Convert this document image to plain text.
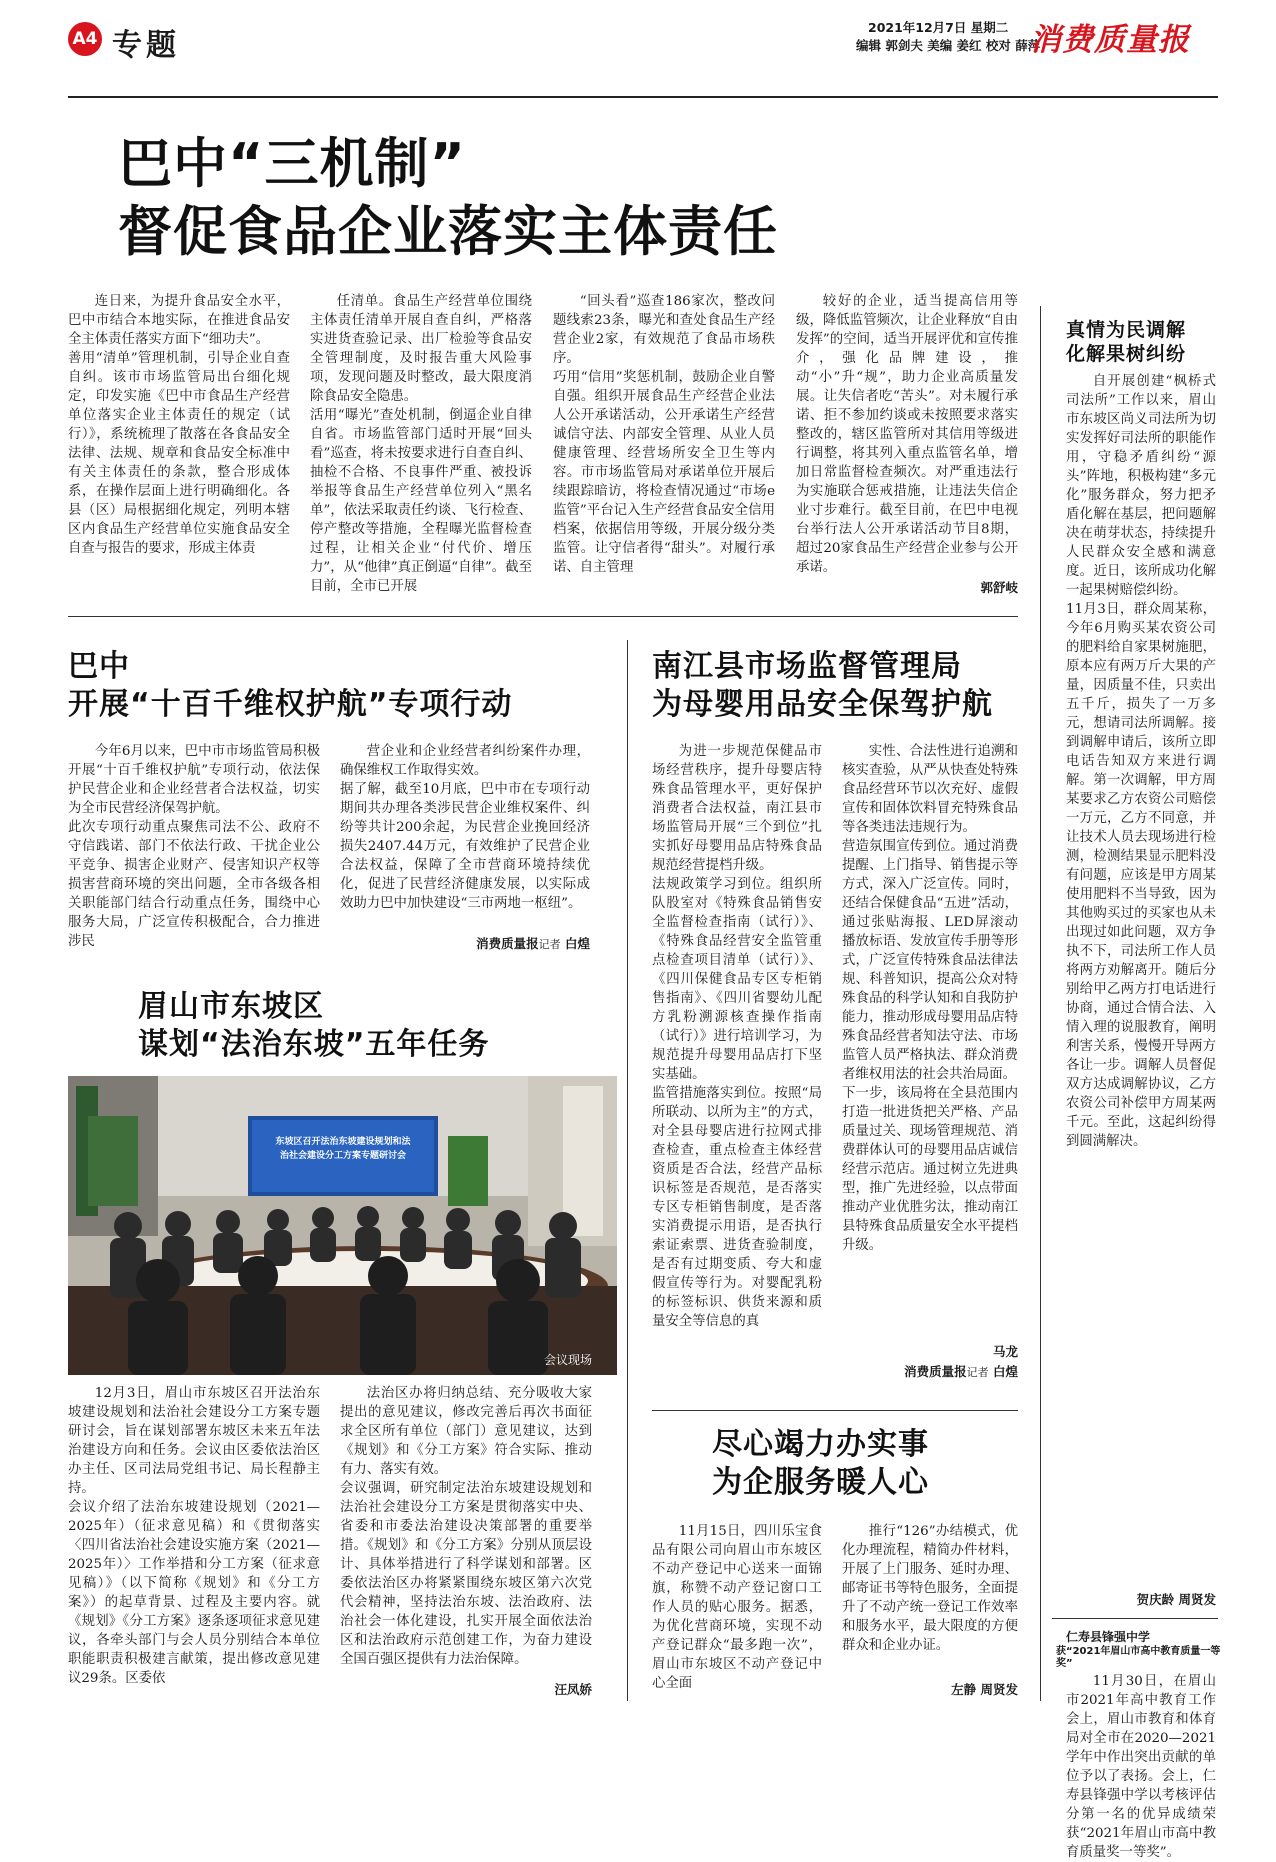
A4 专题
2021年12月7日 星期二
编辑 郭剑夫 美编 姜红 校对 薛萍
消费质量报
巴中“三机制”
督促食品企业落实主体责任
连日来，为提升食品安全水平，巴中市结合本地实际，在推进食品安全主体责任落实方面下“细功夫”。
善用“清单”管理机制，引导企业自查自纠。该市市场监管局出台细化规定，印发实施《巴中市食品生产经营单位落实企业主体责任的规定（试行）》，系统梳理了散落在各食品安全法律、法规、规章和食品安全标准中有关主体责任的条款，整合形成体系，在操作层面上进行明确细化。各县（区）局根据细化规定，列明本辖区内食品生产经营单位实施食品安全自查与报告的要求，形成主体责
任清单。食品生产经营单位围绕主体责任清单开展自查自纠，严格落实进货查验记录、出厂检验等食品安全管理制度，及时报告重大风险事项，发现问题及时整改，最大限度消除食品安全隐患。
活用“曝光”查处机制，倒逼企业自律自省。市场监管部门适时开展“回头看”巡查，将未按要求进行自查自纠、抽检不合格、不良事件严重、被投诉举报等食品生产经营单位列入“黑名单”，依法采取责任约谈、飞行检查、停产整改等措施，全程曝光监督检查过程，让相关企业“付代价、增压力”，从“他律”真正倒逼“自律”。截至目前，全市已开展
“回头看”巡查186家次，整改问题线索23条，曝光和查处食品生产经营企业2家，有效规范了食品市场秩序。
巧用“信用”奖惩机制，鼓励企业自警自强。组织开展食品生产经营企业法人公开承诺活动，公开承诺生产经营诚信守法、内部安全管理、从业人员健康管理、经营场所安全卫生等内容。市市场监管局对承诺单位开展后续跟踪暗访，将检查情况通过“市场e监管”平台记入生产经营食品安全信用档案，依据信用等级，开展分级分类监管。让守信者得“甜头”。对履行承诺、自主管理
较好的企业，适当提高信用等级，降低监管频次，让企业释放“自由发挥”的空间，适当开展评优和宣传推介，强化品牌建设，推动“小”升“规”，助力企业高质量发展。让失信者吃“苦头”。对未履行承诺、拒不参加约谈或未按照要求落实整改的，辖区监管所对其信用等级进行调整，将其列入重点监管名单，增加日常监督检查频次。对严重违法行为实施联合惩戒措施，让违法失信企业寸步难行。截至目前，在巴中电视台举行法人公开承诺活动节目8期，超过20家食品生产经营企业参与公开承诺。
郭舒岐
真情为民调解
化解果树纠纷
自开展创建“枫桥式司法所”工作以来，眉山市东坡区尚义司法所为切实发挥好司法所的职能作用，守稳矛盾纠纷“源头”阵地，积极构建“多元化”服务群众，努力把矛盾化解在基层，把问题解决在萌芽状态，持续提升人民群众安全感和满意度。近日，该所成功化解一起果树赔偿纠纷。
11月3日，群众周某称，今年6月购买某农资公司的肥料给自家果树施肥，原本应有两万斤大果的产量，因质量不佳，只卖出五千斤，损失了一万多元，想请司法所调解。接到调解申请后，该所立即电话告知双方来进行调解。第一次调解，甲方周某要求乙方农资公司赔偿一万元，乙方不同意，并让技术人员去现场进行检测，检测结果显示肥料没有问题，应该是甲方周某使用肥料不当导致，因为其他购买过的买家也从未出现过如此问题，双方争执不下，司法所工作人员将两方劝解离开。随后分别给甲乙两方打电话进行协商，通过合情合法、入情入理的说服教育，阐明利害关系，慢慢开导两方各让一步。调解人员督促双方达成调解协议，乙方农资公司补偿甲方周某两千元。至此，这起纠纷得到圆满解决。
贺庆龄 周贤发
仁寿县锋强中学
获“2021年眉山市高中教育质量一等奖”
11月30日，在眉山市2021年高中教育工作会上，眉山市教育和体育局对全市在2020—2021学年中作出突出贡献的单位予以了表扬。会上，仁寿县锋强中学以考核评估分第一名的优异成绩荣获“2021年眉山市高中教育质量奖一等奖”。
巴中
开展“十百千维权护航”专项行动
今年6月以来，巴中市市场监管局积极开展“十百千维权护航”专项行动，依法保护民营企业和企业经营者合法权益，切实为全市民营经济保驾护航。
此次专项行动重点聚焦司法不公、政府不守信践诺、部门不依法行政、干扰企业公平竞争、损害企业财产、侵害知识产权等损害营商环境的突出问题，全市各级各相关职能部门结合行动重点任务，围绕中心服务大局，广泛宣传积极配合，合力推进涉民
营企业和企业经营者纠纷案件办理，确保维权工作取得实效。
据了解，截至10月底，巴中市在专项行动期间共办理各类涉民营企业维权案件、纠纷等共计200余起，为民营企业挽回经济损失2407.44万元，有效维护了民营企业合法权益，保障了全市营商环境持续优化，促进了民营经济健康发展，以实际成效助力巴中加快建设“三市两地一枢纽”。
消费质量报记者 白煌
南江县市场监督管理局
为母婴用品安全保驾护航
为进一步规范保健品市场经营秩序，提升母婴店特殊食品管理水平，更好保护消费者合法权益，南江县市场监管局开展“三个到位”扎实抓好母婴用品店特殊食品规范经营提档升级。
法规政策学习到位。组织所队股室对《特殊食品销售安全监督检查指南（试行）》、《特殊食品经营安全监管重点检查项目清单（试行）》、《四川保健食品专区专柜销售指南》、《四川省婴幼儿配方乳粉溯源核查操作指南（试行）》进行培训学习，为规范提升母婴用品店打下坚实基础。
监管措施落实到位。按照“局所联动、以所为主”的方式，对全县母婴店进行拉网式排查检查，重点检查主体经营资质是否合法，经营产品标识标签是否规范，是否落实专区专柜销售制度，是否落实消费提示用语，是否执行索证索票、进货查验制度，是否有过期变质、夸大和虚假宣传等行为。对婴配乳粉的标签标识、供货来源和质量安全等信息的真
实性、合法性进行追溯和核实查验，从严从快查处特殊食品经营环节以次充好、虚假宣传和固体饮料冒充特殊食品等各类违法违规行为。
营造氛围宣传到位。通过消费提醒、上门指导、销售提示等方式，深入广泛宣传。同时，还结合保健食品“五进”活动，通过张贴海报、LED屏滚动播放标语、发放宣传手册等形式，广泛宣传特殊食品法律法规、科普知识，提高公众对特殊食品的科学认知和自我防护能力，推动形成母婴用品店特殊食品经营者知法守法、市场监管人员严格执法、群众消费者维权用法的社会共治局面。
下一步，该局将在全县范围内打造一批进货把关严格、产品质量过关、现场管理规范、消费群体认可的母婴用品店诚信经营示范店。通过树立先进典型，推广先进经验，以点带面推动产业优胜劣汰，推动南江县特殊食品质量安全水平提档升级。
马龙
消费质量报记者 白煌
眉山市东坡区
谋划“法治东坡”五年任务
东坡区召开法治东坡建设规划和法
治社会建设分工方案专题研讨会
会议现场
12月3日，眉山市东坡区召开法治东坡建设规划和法治社会建设分工方案专题研讨会，旨在谋划部署东坡区未来五年法治建设方向和任务。会议由区委依法治区办主任、区司法局党组书记、局长程静主持。
会议介绍了法治东坡建设规划（2021—2025年）（征求意见稿）和《贯彻落实〈四川省法治社会建设实施方案（2021—2025年）〉工作举措和分工方案（征求意见稿）》（以下简称《规划》和《分工方案》）的起草背景、过程及主要内容。就《规划》《分工方案》逐条逐项征求意见建议，各牵头部门与会人员分别结合本单位职能职责积极建言献策，提出修改意见建议29条。区委依
法治区办将归纳总结、充分吸收大家提出的意见建议，修改完善后再次书面征求全区所有单位（部门）意见建议，达到《规划》和《分工方案》符合实际、推动有力、落实有效。
会议强调，研究制定法治东坡建设规划和法治社会建设分工方案是贯彻落实中央、省委和市委法治建设决策部署的重要举措。《规划》和《分工方案》分别从顶层设计、具体举措进行了科学谋划和部署。区委依法治区办将紧紧围绕东坡区第六次党代会精神，坚持法治东坡、法治政府、法治社会一体化建设，扎实开展全面依法治区和法治政府示范创建工作，为奋力建设全国百强区提供有力法治保障。
汪凤娇
尽心竭力办实事
为企服务暖人心
11月15日，四川乐宝食品有限公司向眉山市东坡区不动产登记中心送来一面锦旗，称赞不动产登记窗口工作人员的贴心服务。据悉，为优化营商环境，实现不动产登记群众“最多跑一次”，眉山市东坡区不动产登记中心全面
推行“126”办结模式，优化办理流程，精简办件材料，开展了上门服务、延时办理、邮寄证书等特色服务，全面提升了不动产统一登记工作效率和服务水平，最大限度的方便群众和企业办证。
左静 周贤发
